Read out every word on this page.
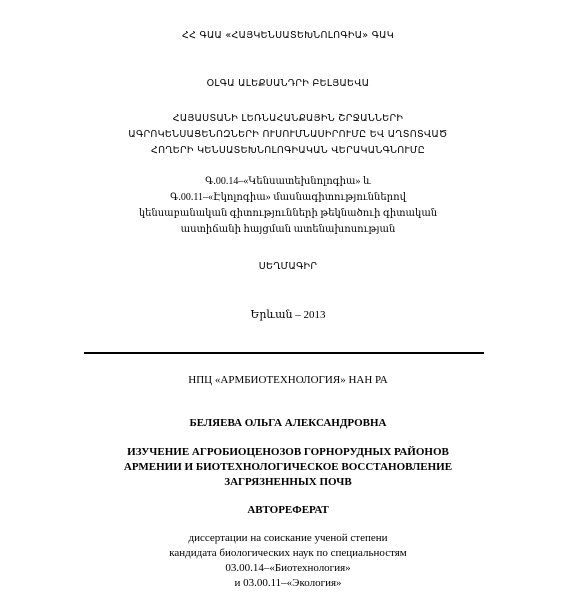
ՀՀ ԳԱԱ «ՀԱՅԿԵՆՍԱՏԵԽՆՈԼՈԳԻԱ» ԳԱԿ
ՕԼԳԱ ԱԼԵՔՍԱՆԴՐԻ ԲԵԼՅԱԵՎԱ
ՀԱՅԱՍՏԱՆԻ ԼԵՌՆԱՀԱՆՔԱՅԻՆ ՇՐՋԱՆՆԵՐԻ
ԱԳՐՈԿԵՆՍԱՑԵՆՈԶՆԵՐԻ ՈՒՍՈՒՄՆԱՍԻՐՈՒՄԸ ԵՎ ԱՂՏՈՏՎԱԾ
ՀՈՂԵՐԻ ԿԵՆՍԱՏԵԽՆՈԼՈԳԻԱԿԱՆ ՎԵՐԱԿԱՆԳՆՈՒՄԸ
Գ.00.14–«Կենսատեխնոլոգիա» և
Գ.00.11–«Էկոլոգիա» մասնագիտություններով
կենսաբանական գիտությունների թեկնածուի գիտական
աստիճանի հայցման ատենախոսության
ՍԵՂՄԱԳԻՐ
Երևան – 2013
НПЦ «АРМБИОТЕХНОЛОГИЯ» НАН РА
БЕЛЯЕВА ОЛЬГА АЛЕКСАНДРОВНА
ИЗУЧЕНИЕ АГРОБИОЦЕНОЗОВ ГОРНОРУДНЫХ РАЙОНОВ
АРМЕНИИ И БИОТЕХНОЛОГИЧЕСКОЕ ВОССТАНОВЛЕНИЕ
ЗАГРЯЗНЕННЫХ ПОЧВ
АВТОРЕФЕРАТ
диссертации на соискание ученой степени
кандидата биологических наук по специальностям
03.00.14–«Биотехнология»
и 03.00.11–«Экология»
